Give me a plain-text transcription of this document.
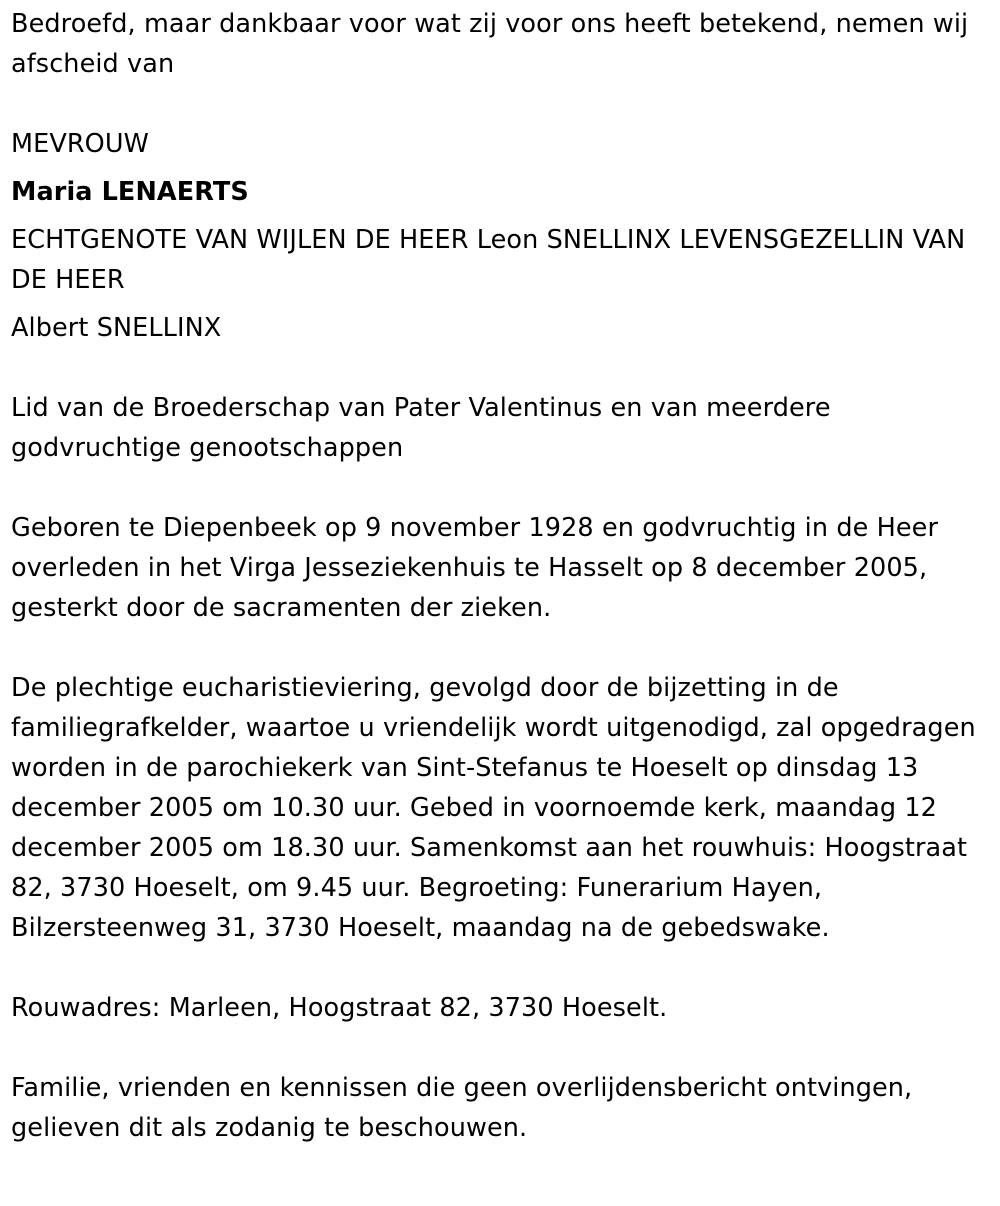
Bedroefd, maar dankbaar voor wat zij voor ons heeft betekend, nemen wij afscheid van

MEVROUW

Maria LENAERTS

ECHTGENOTE VAN WIJLEN DE HEER Leon SNELLINX LEVENSGEZELLIN VAN DE HEER

Albert SNELLINX

Lid van de Broederschap van Pater Valentinus en van meerdere godvruchtige genootschappen

Geboren te Diepenbeek op 9 november 1928 en godvruchtig in de Heer overleden in het Virga Jesseziekenhuis te Hasselt op 8 december 2005, gesterkt door de sacramenten der zieken.

De plechtige eucharistieviering, gevolgd door de bijzetting in de familiegrafkelder, waartoe u vriendelijk wordt uitgenodigd, zal opgedragen worden in de parochiekerk van Sint-Stefanus te Hoeselt op dinsdag 13 december 2005 om 10.30 uur. Gebed in voornoemde kerk, maandag 12 december 2005 om 18.30 uur. Samenkomst aan het rouwhuis: Hoogstraat 82, 3730 Hoeselt, om 9.45 uur. Begroeting: Funerarium Hayen, Bilzersteenweg 31, 3730 Hoeselt, maandag na de gebedswake.

Rouwadres: Marleen, Hoogstraat 82, 3730 Hoeselt.

Familie, vrienden en kennissen die geen overlijdensbericht ontvingen, gelieven dit als zodanig te beschouwen.
